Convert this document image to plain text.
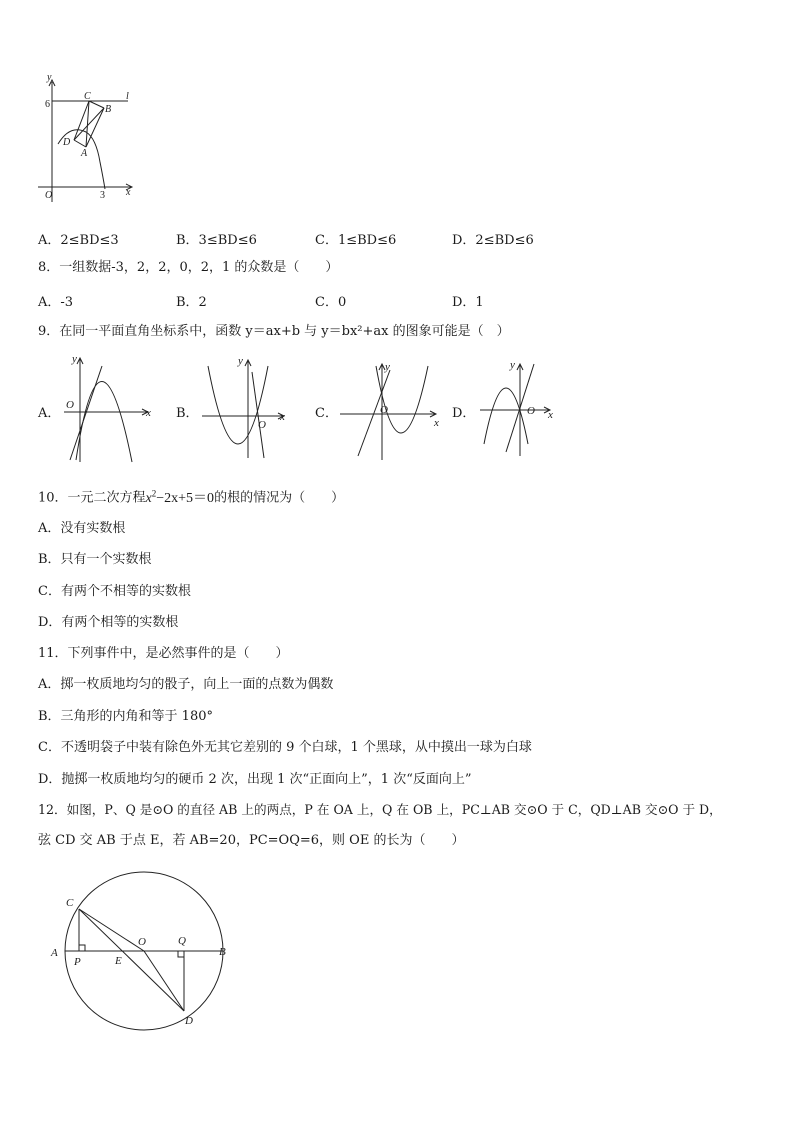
y
6
C	l
B
D
A
O	3 x
A．2≤BD≤3	B．3≤BD≤6	C．1≤BD≤6	D．2≤BD≤6
8．一组数据-3，2，2，0，2，1 的众数是（　　）
A．-3	B．2	C．0	D．1
9．在同一平面直角坐标系中，函数 y＝ax+b 与 y＝bx²+ax 的图象可能是（　）
A．
y
O
x B．
y
O
x C．
y
O
x
D．
y
O x
10．一元二次方程$x^2-2x+5=0$的根的情况为（　　）
A．没有实数根
B．只有一个实数根
C．有两个不相等的实数根
D．有两个相等的实数根
11．下列事件中，是必然事件的是（　　）
A．掷一枚质地均匀的骰子，向上一面的点数为偶数
B．三角形的内角和等于 180°
C．不透明袋子中装有除色外无其它差别的 9 个白球，1 个黑球，从中摸出一球为白球
D．抛掷一枚质地均匀的硬币 2 次，出现 1 次“正面向上”，1 次“反面向上”
12．如图，P、Q 是⊙O 的直径 AB 上的两点，P 在 OA 上，Q 在 OB 上，PC⊥AB 交⊙O 于 C，QD⊥AB 交⊙O 于 D，
弦 CD 交 AB 于点 E，若 AB=20，PC=OQ=6，则 OE 的长为（　　）
C
A
P	E
O	Q
B
D
